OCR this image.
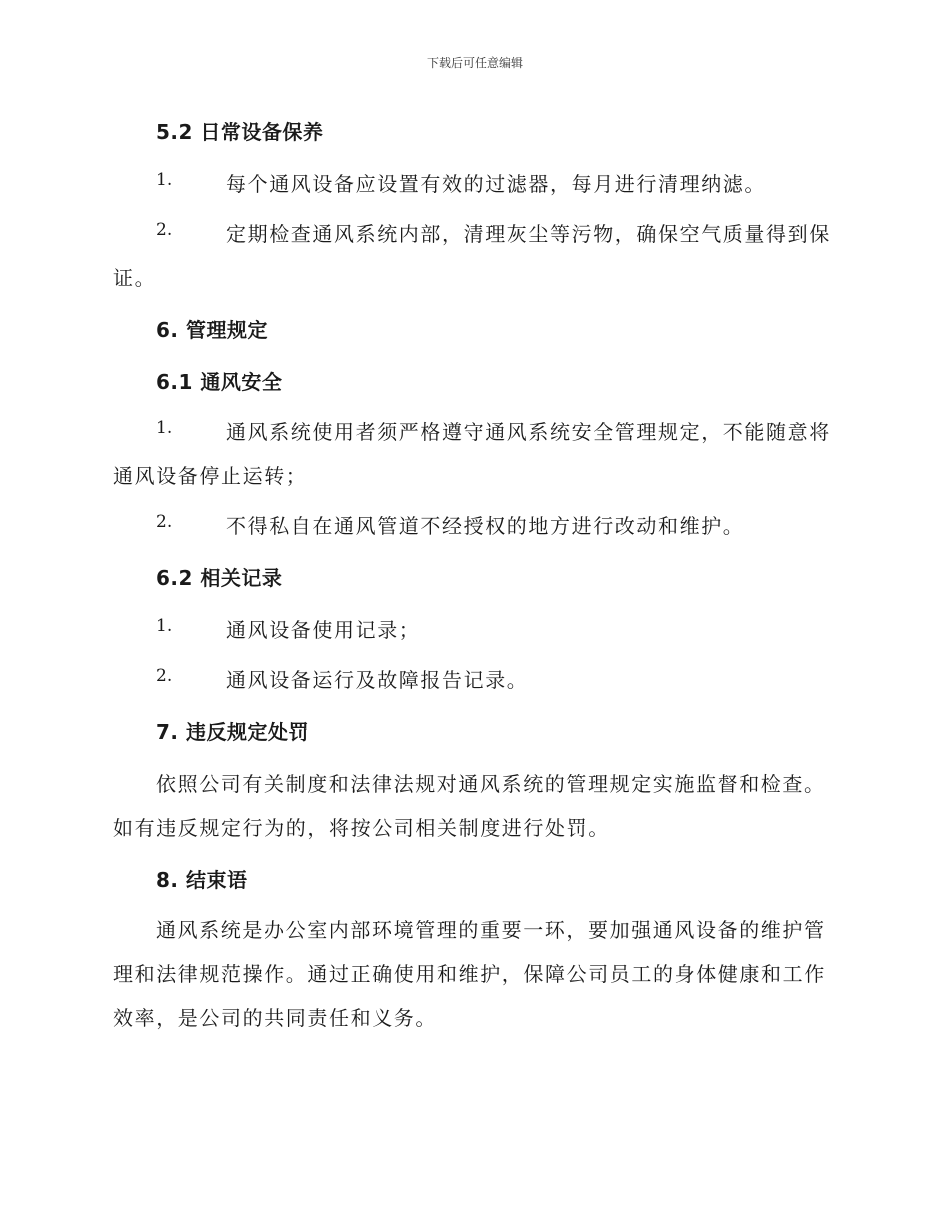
下载后可任意编辑
5.2 日常设备保养
1.	每个通风设备应设置有效的过滤器，每月进行清理纳滤。
2.	定期检查通风系统内部，清理灰尘等污物，确保空气质量得到保
证。
6. 管理规定
6.1 通风安全
1.	通风系统使用者须严格遵守通风系统安全管理规定，不能随意将
通风设备停止运转；
2.	不得私自在通风管道不经授权的地方进行改动和维护。
6.2 相关记录
1.	通风设备使用记录；
2.	通风设备运行及故障报告记录。
7. 违反规定处罚
依照公司有关制度和法律法规对通风系统的管理规定实施监督和检查。
如有违反规定行为的，将按公司相关制度进行处罚。
8. 结束语
通风系统是办公室内部环境管理的重要一环，要加强通风设备的维护管
理和法律规范操作。通过正确使用和维护，保障公司员工的身体健康和工作
效率，是公司的共同责任和义务。
